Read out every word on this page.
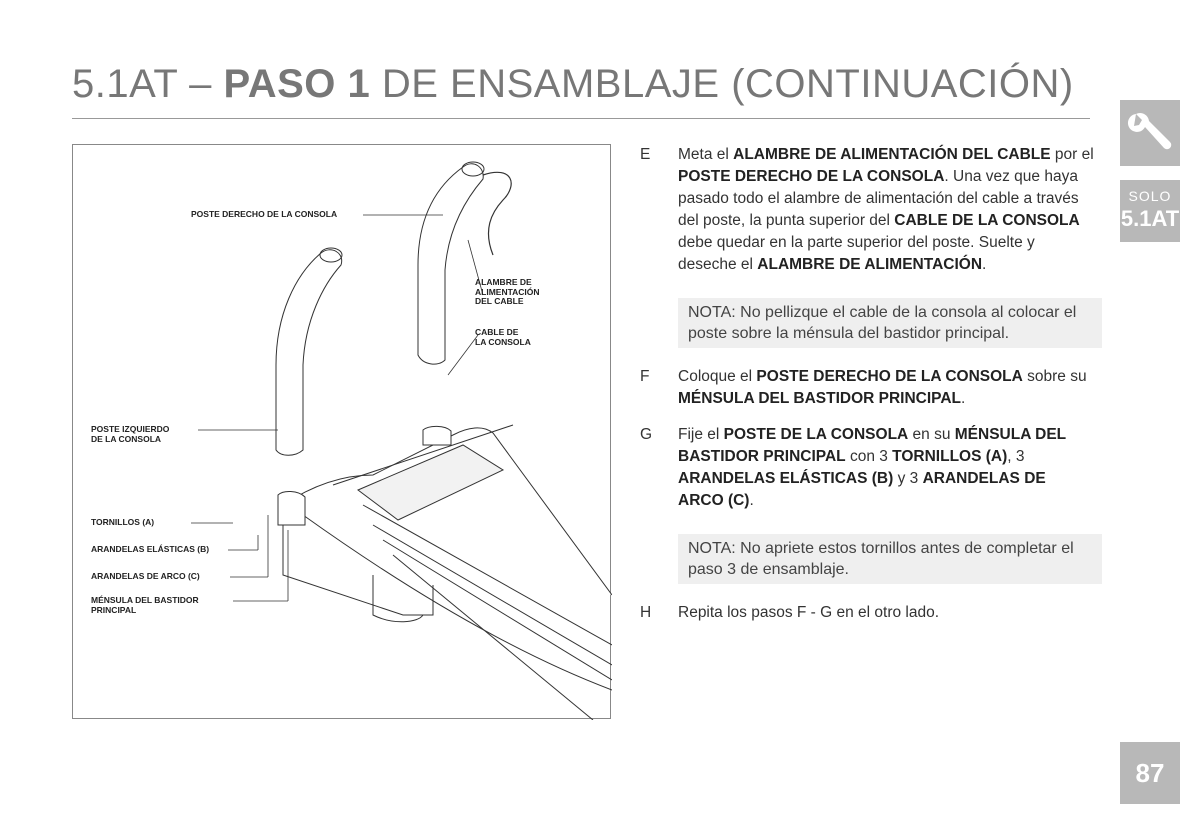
5.1AT – PASO 1 DE ENSAMBLAJE (CONTINUACIÓN)
SOLO
5.1AT
87
POSTE DERECHO DE LA CONSOLA
ALAMBRE DE
ALIMENTACIÓN
DEL CABLE
CABLE DE
LA CONSOLA
POSTE IZQUIERDO
DE LA CONSOLA
TORNILLOS (A)
ARANDELAS ELÁSTICAS (B)
ARANDELAS DE ARCO (C)
MÉNSULA DEL BASTIDOR
PRINCIPAL
E Meta el ALAMBRE DE ALIMENTACIÓN DEL CABLE por el POSTE DERECHO DE LA CONSOLA. Una vez que haya pasado todo el alambre de alimentación del cable a través del poste, la punta superior del CABLE DE LA CONSOLA debe quedar en la parte superior del poste. Suelte y deseche el ALAMBRE DE ALIMENTACIÓN.
NOTA: No pellizque el cable de la consola al colocar el poste sobre la ménsula del bastidor principal.
F Coloque el POSTE DERECHO DE LA CONSOLA sobre su MÉNSULA DEL BASTIDOR PRINCIPAL.
G Fije el POSTE DE LA CONSOLA en su MÉNSULA DEL BASTIDOR PRINCIPAL con 3 TORNILLOS (A), 3 ARANDELAS ELÁSTICAS (B) y 3 ARANDELAS DE ARCO (C).
NOTA: No apriete estos tornillos antes de completar el paso 3 de ensamblaje.
H Repita los pasos F - G en el otro lado.
